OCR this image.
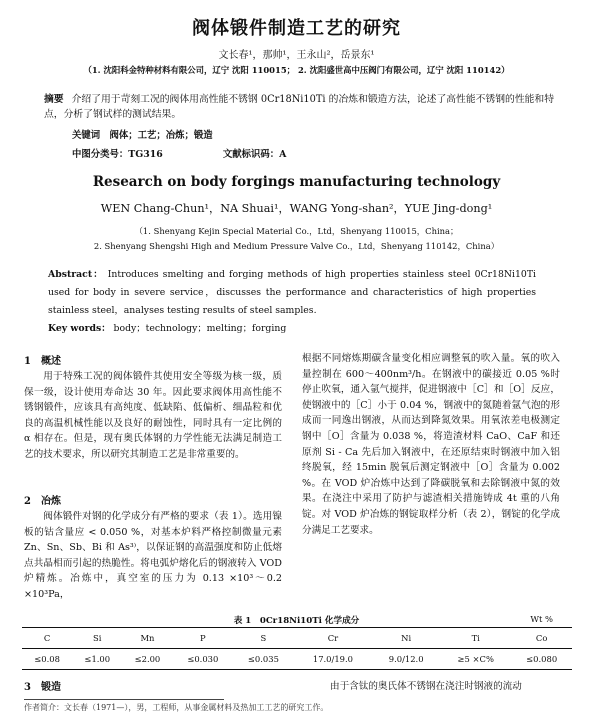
阀体锻件制造工艺的研究
文长春¹，那帅¹，王永山²，岳景东¹
（1. 沈阳科金特种材料有限公司，辽宁 沈阳 110015； 2. 沈阳盛世高中压阀门有限公司，辽宁 沈阳 110142）
摘要 介绍了用于苛刻工况的阀体用高性能不锈钢 0Cr18Ni10Ti 的冶炼和锻造方法，论述了高性能不锈钢的性能和特点，分析了钢试样的测试结果。
关键词　阀体；工艺；冶炼；锻造
中图分类号：TG316	文献标识码：A
Research on body forgings manufacturing technology
WEN Chang-Chun¹，NA Shuai¹，WANG Yong-shan²，YUE Jing-dong¹
（1. Shenyang Kejin Special Material Co.，Ltd，Shenyang 110015，China；
2. Shenyang Shengshi High and Medium Pressure Valve Co.，Ltd，Shenyang 110142，China）
Abstract： Introduces smelting and forging methods of high properties stainless steel 0Cr18Ni10Ti used for body in severe service，discusses the performance and characteristics of high properties stainless steel，analyses testing results of steel samples.
Key words： body；technology；melting；forging
1　概述

用于特殊工况的阀体锻件其使用安全等级为核一级，质保一级，设计使用寿命达 30 年。因此要求阀体用高性能不锈钢锻件，应该具有高纯度、低缺陷、低偏析、细晶粒和优良的高温机械性能以及良好的耐蚀性，同时具有一定比例的 α 相存在。但是，现有奥氏体钢的力学性能无法满足制造工艺的技术要求，所以研究其制造工艺是非常重要的。

2　冶炼

阀体锻件对钢的化学成分有严格的要求（表 1）。选用镍板的钴含量应 < 0.050 %，对基本炉料严格控制微量元素 Zn、Sn、Sb、Bi 和 As³⁾，以保证钢的高温强度和防止低熔点共晶相而引起的热脆性。将电弧炉熔化后的钢液转入 VOD 炉精炼。冶炼中，真空室的压力为 0.13 ×10³～0.2 ×10³Pa，

根据不同熔炼期碳含量变化相应调整氧的吹入量。氧的吹入量控制在 600～400nm³/h。在钢液中的碳接近 0.05 %时停止吹氧，通入氩气搅拌，促进钢液中［C］和［O］反应，使钢液中的［C］小于 0.04 %，钢液中的氮随着氩气泡的形成而一同逸出钢液，从而达到降氮效果。用氧浓差电极测定钢中［O］含量为 0.038 %，将造渣材料 CaO、CaF 和还原剂 Si - Ca 先后加入钢液中，在还原结束时钢液中加入铝终脱氧，经 15min 脱氧后测定钢液中［O］含量为 0.002 %。在 VOD 炉冶炼中达到了降碳脱氧和去除钢液中氮的效果。在浇注中采用了防护与滤渣相关措施铸成 4t 重的八角锭。对 VOD 炉冶炼的钢锭取样分析（表 2），钢锭的化学成分满足工艺要求。
表 1　0Cr18Ni10Ti 化学成分	Wt %
C	Si	Mn	P	S	Cr	Ni	Ti	Co
≤0.08	≤1.00	≤2.00	≤0.030	≤0.035	17.0/19.0	9.0/12.0	≥5 ×C%	≤0.080
3　锻造	由于含钛的奥氏体不锈钢在浇注时钢液的流动
作者简介：文长春（1971—），男，工程师，从事金属材料及热加工工艺的研究工作。
